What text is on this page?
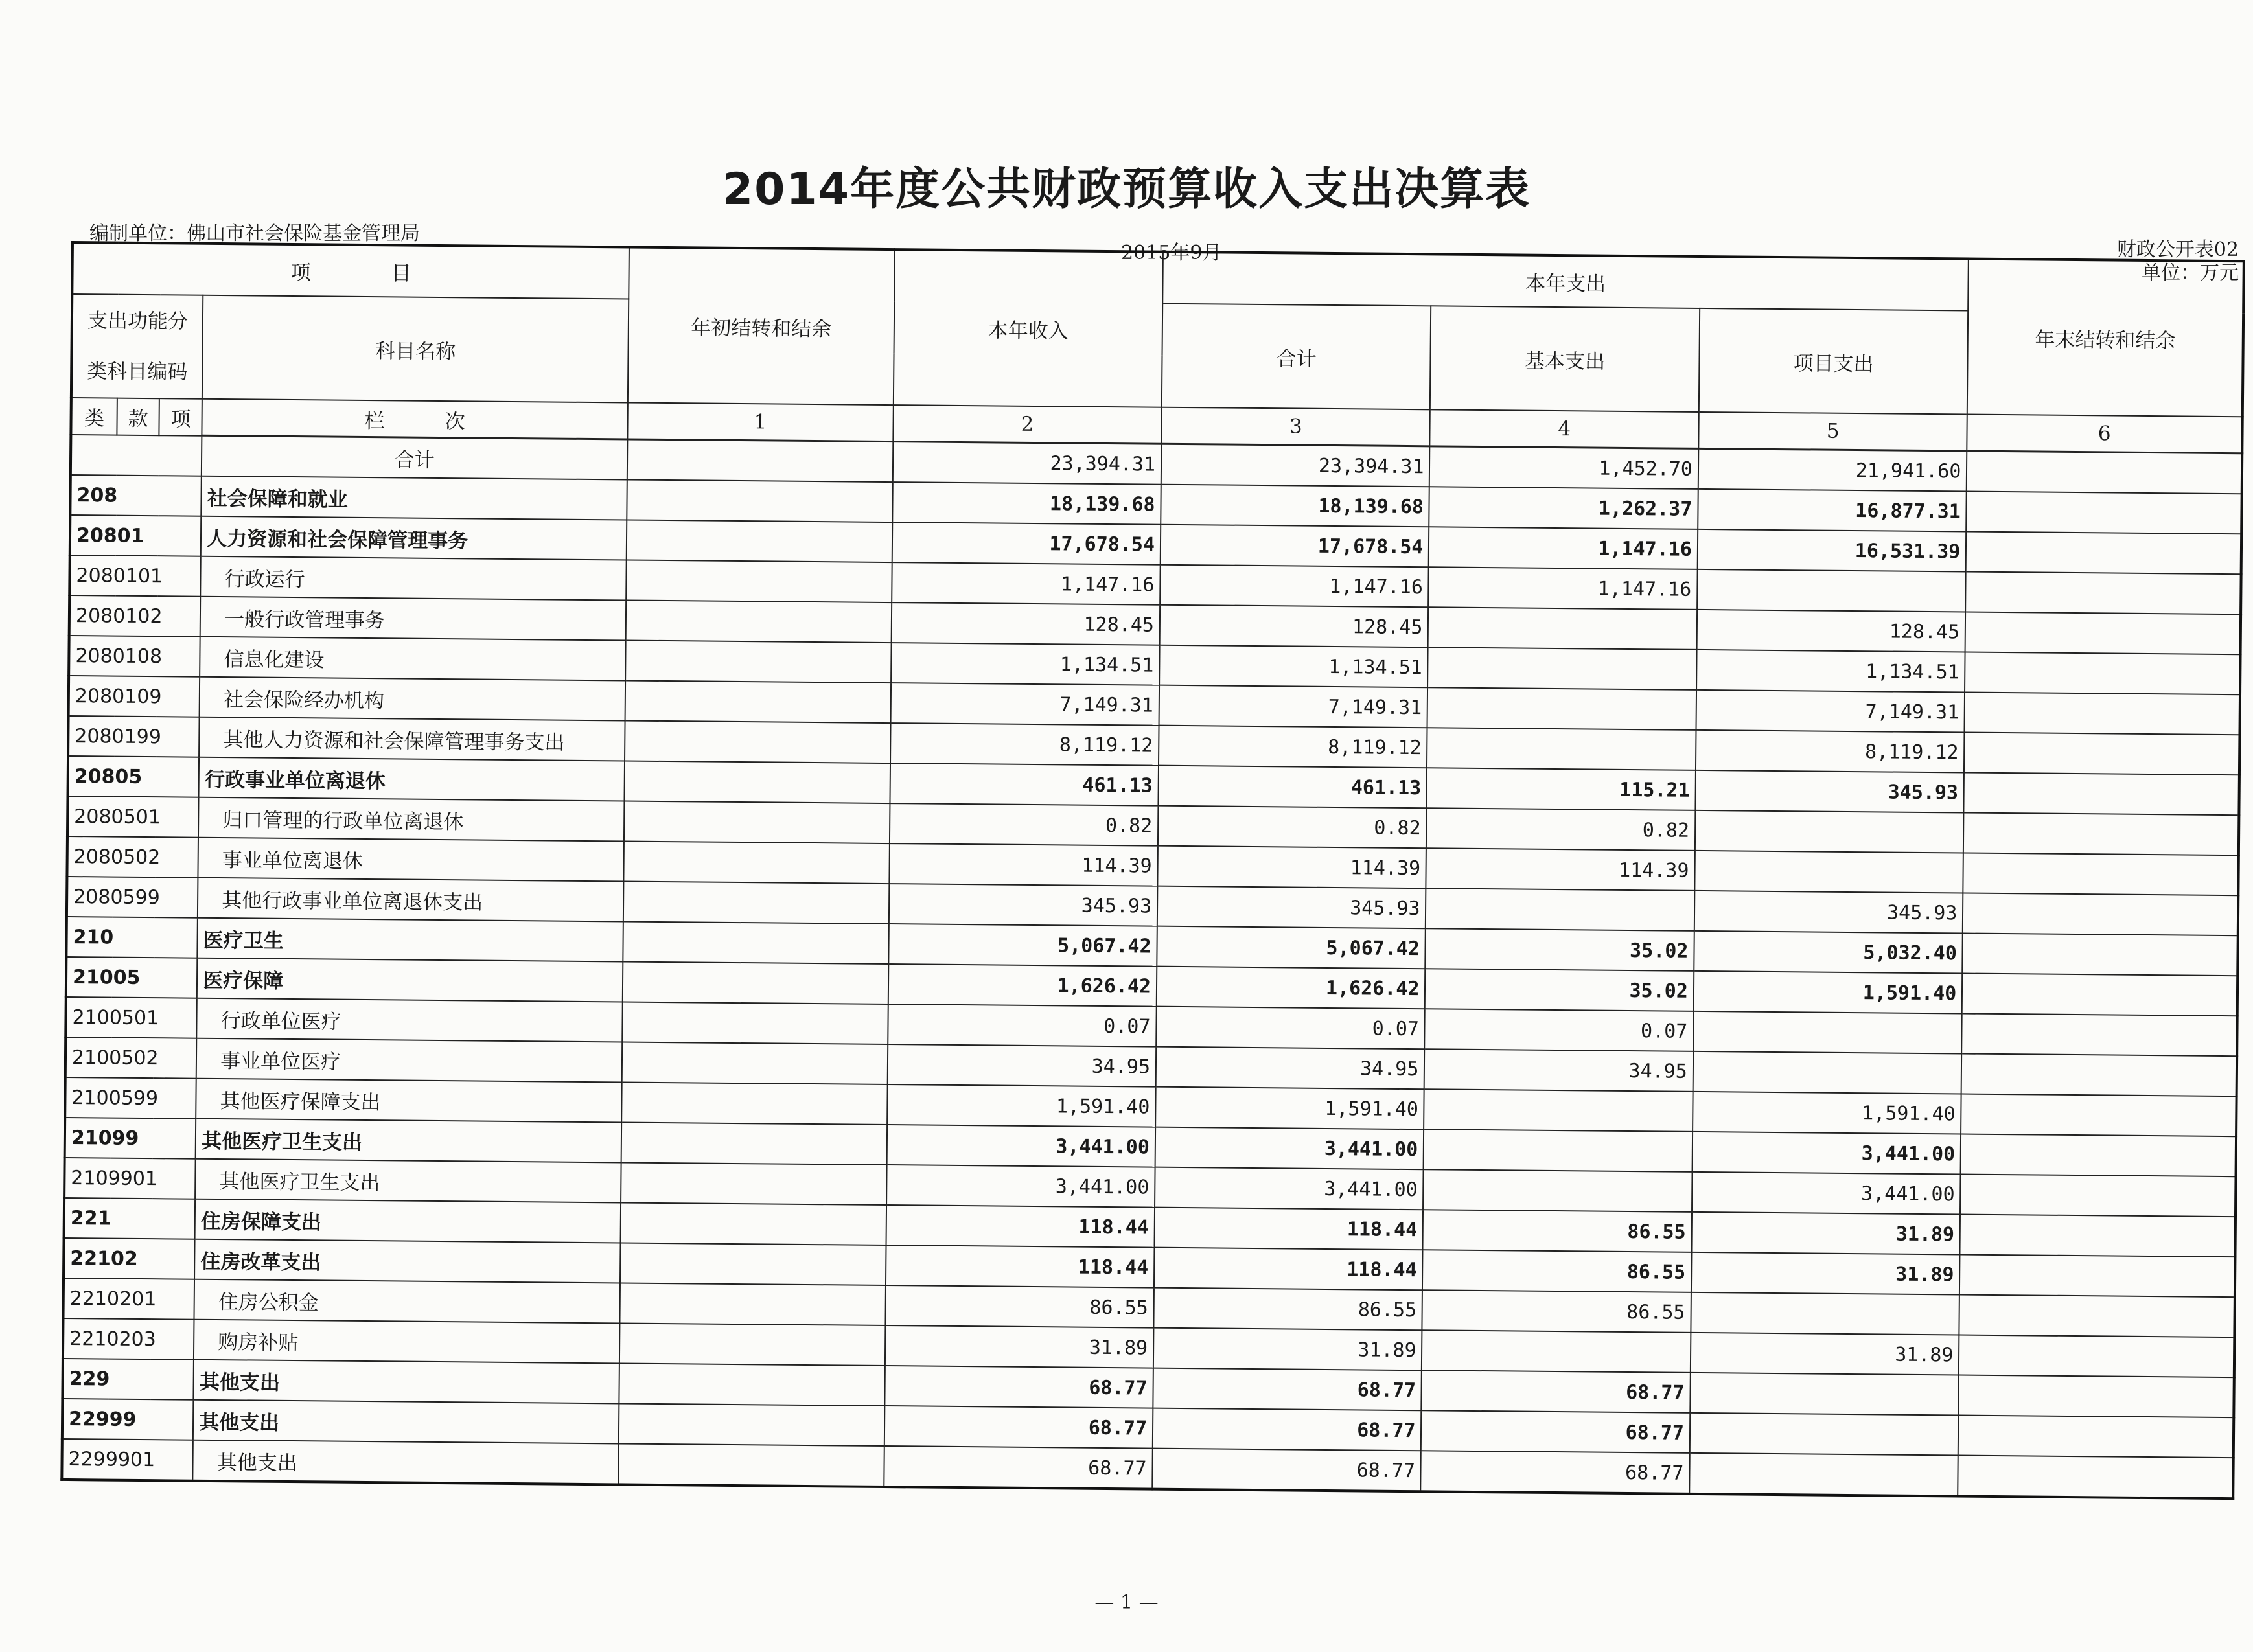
2014年度公共财政预算收入支出决算表
编制单位：佛山市社会保险基金管理局
2015年9月	财政公开表02
单位：万元
项　　　　目				年初结转和结余	本年收入	本年支出			年末结转和结余
支出功能分类科目编码			科目名称			合计	基本支出	项目支出	

类	款	项	栏　　　次	1	2	3	4	5	6

			合计		23,394.31	23,394.31	1,452.70	21,941.60	
208			社会保障和就业		18,139.68	18,139.68	1,262.37	16,877.31	
20801			人力资源和社会保障管理事务		17,678.54	17,678.54	1,147.16	16,531.39	
2080101			行政运行		1,147.16	1,147.16	1,147.16		
2080102			一般行政管理事务		128.45	128.45		128.45	
2080108			信息化建设		1,134.51	1,134.51		1,134.51	
2080109			社会保险经办机构		7,149.31	7,149.31		7,149.31	
2080199			其他人力资源和社会保障管理事务支出		8,119.12	8,119.12		8,119.12	
20805			行政事业单位离退休		461.13	461.13	115.21	345.93	
2080501			归口管理的行政单位离退休		0.82	0.82	0.82		
2080502			事业单位离退休		114.39	114.39	114.39		
2080599			其他行政事业单位离退休支出		345.93	345.93		345.93	
210			医疗卫生		5,067.42	5,067.42	35.02	5,032.40	
21005			医疗保障		1,626.42	1,626.42	35.02	1,591.40	
2100501			行政单位医疗		0.07	0.07	0.07		
2100502			事业单位医疗		34.95	34.95	34.95		
2100599			其他医疗保障支出		1,591.40	1,591.40		1,591.40	
21099			其他医疗卫生支出		3,441.00	3,441.00		3,441.00	
2109901			其他医疗卫生支出		3,441.00	3,441.00		3,441.00	
221			住房保障支出		118.44	118.44	86.55	31.89	
22102			住房改革支出		118.44	118.44	86.55	31.89	
2210201			住房公积金		86.55	86.55	86.55		
2210203			购房补贴		31.89	31.89		31.89	
229			其他支出		68.77	68.77	68.77		
22999			其他支出		68.77	68.77	68.77		
2299901			其他支出		68.77	68.77	68.77		
— 1 —
